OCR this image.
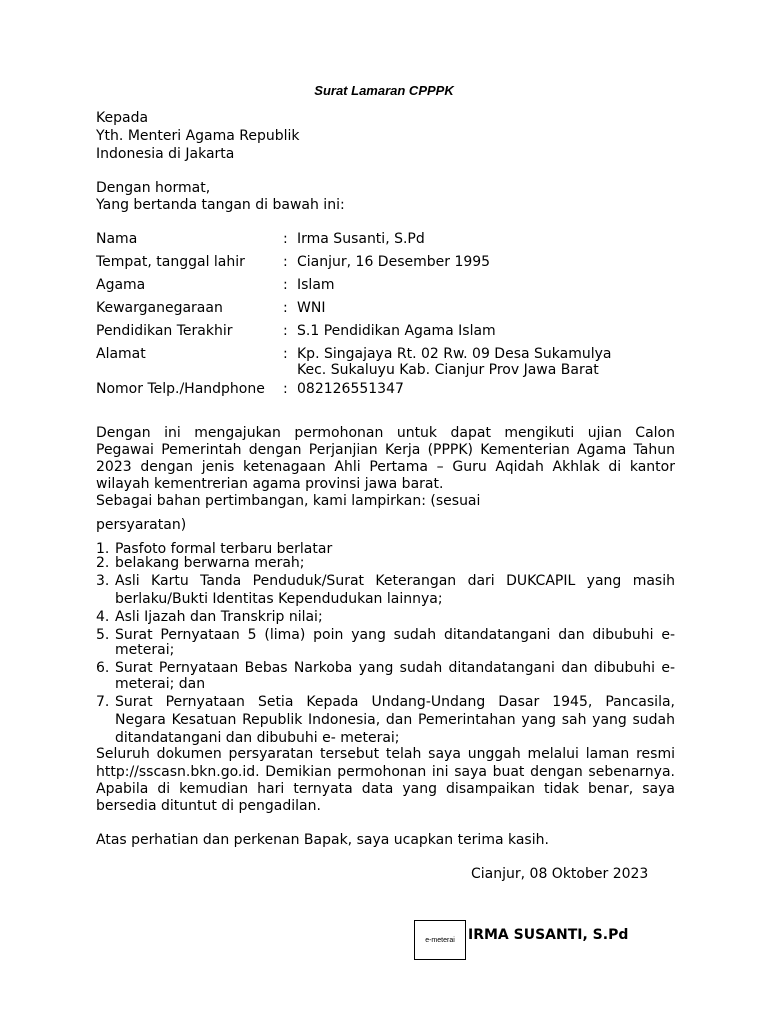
Surat Lamaran CPPPK
Kepada
Yth. Menteri Agama Republik
Indonesia di Jakarta
Dengan hormat,
Yang bertanda tangan di bawah ini:
Nama	: Irma Susanti, S.Pd
Tempat, tanggal lahir	: Cianjur, 16 Desember 1995
Agama	: Islam
Kewarganegaraan	: WNI
Pendidikan Terakhir	: S.1 Pendidikan Agama Islam
Alamat	: Kp. Singajaya Rt. 02 Rw. 09 Desa Sukamulya
Kec. Sukaluyu Kab. Cianjur Prov Jawa Barat
Nomor Telp./Handphone : 082126551347
Dengan ini mengajukan permohonan untuk dapat mengikuti ujian Calon
Pegawai Pemerintah dengan Perjanjian Kerja (PPPK) Kementerian Agama Tahun
2023 dengan jenis ketenagaan Ahli Pertama – Guru Aqidah Akhlak di kantor
wilayah kementrerian agama provinsi jawa barat.
Sebagai bahan pertimbangan, kami lampirkan: (sesuai
persyaratan)
1. Pasfoto formal terbaru berlatar
2. belakang berwarna merah;
3. Asli Kartu Tanda Penduduk/Surat Keterangan dari DUKCAPIL yang masih
berlaku/Bukti Identitas Kependudukan lainnya;
4. Asli Ijazah dan Transkrip nilai;
5. Surat Pernyataan 5 (lima) poin yang sudah ditandatangani dan dibubuhi e-
meterai;
6. Surat Pernyataan Bebas Narkoba yang sudah ditandatangani dan dibubuhi e-
meterai; dan
7. Surat Pernyataan Setia Kepada Undang-Undang Dasar 1945, Pancasila,
Negara Kesatuan Republik Indonesia, dan Pemerintahan yang sah yang sudah
ditandatangani dan dibubuhi e- meterai;
Seluruh dokumen persyaratan tersebut telah saya unggah melalui laman resmi
http://sscasn.bkn.go.id. Demikian permohonan ini saya buat dengan sebenarnya.
Apabila di kemudian hari ternyata data yang disampaikan tidak benar, saya
bersedia dituntut di pengadilan.
Atas perhatian dan perkenan Bapak, saya ucapkan terima kasih.
Cianjur, 08 Oktober 2023
e-meterai IRMA SUSANTI, S.Pd
